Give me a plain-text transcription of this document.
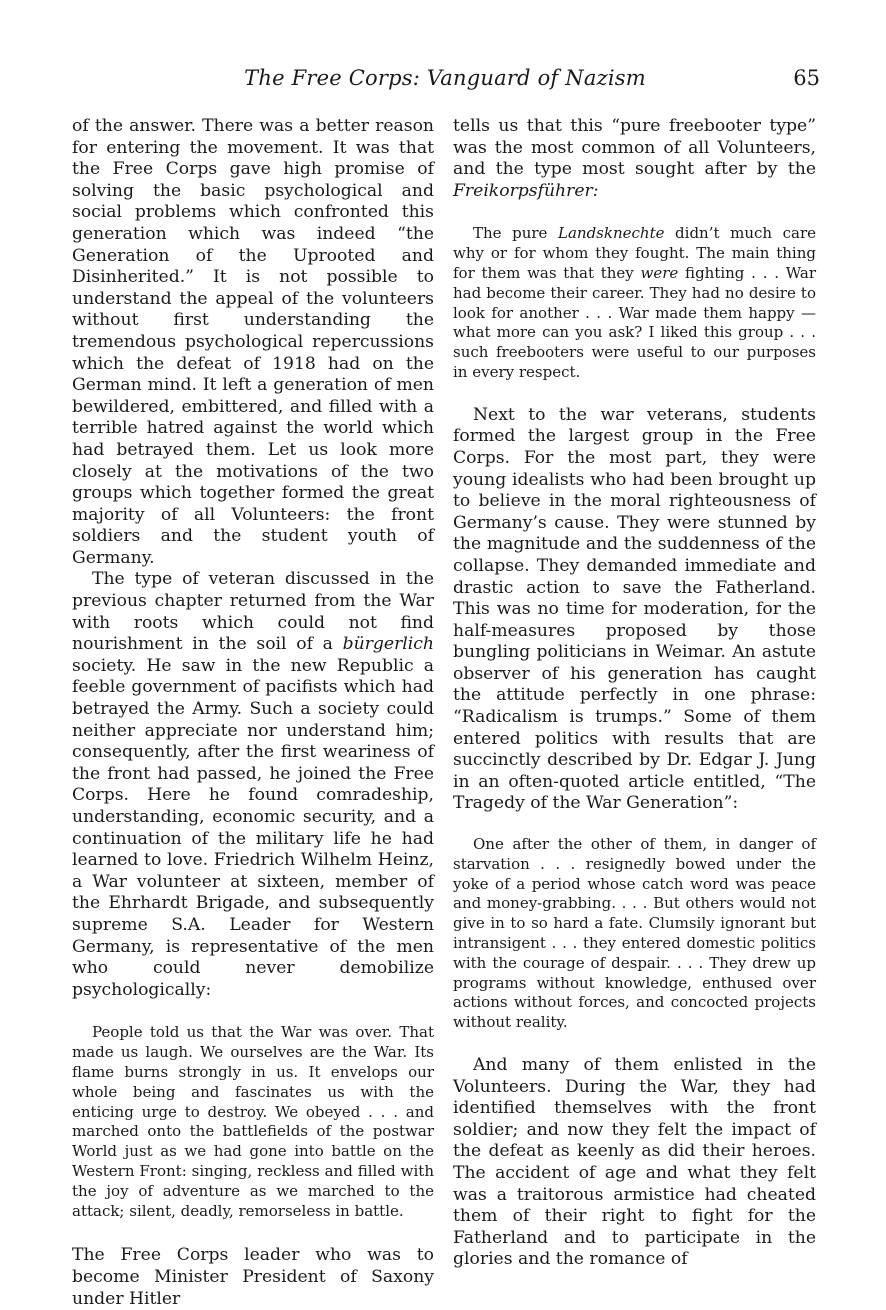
The Free Corps: Vanguard of Nazism	65

of the answer. There was a better reason for entering the movement. It was that the Free Corps gave high promise of solving the basic psychological and social problems which confronted this generation which was indeed “the Generation of the Uprooted and Disinherited.” It is not possible to understand the appeal of the volunteers without first understanding the tremendous psychological repercussions which the defeat of 1918 had on the German mind. It left a generation of men bewildered, embittered, and filled with a terrible hatred against the world which had betrayed them. Let us look more closely at the motivations of the two groups which together formed the great majority of all Volunteers: the front soldiers and the student youth of Germany.

The type of veteran discussed in the previous chapter returned from the War with roots which could not find nourishment in the soil of a bürgerlich society. He saw in the new Republic a feeble government of pacifists which had betrayed the Army. Such a society could neither appreciate nor understand him; consequently, after the first weariness of the front had passed, he joined the Free Corps. Here he found comradeship, understanding, economic security, and a continuation of the military life he had learned to love. Friedrich Wilhelm Heinz, a War volunteer at sixteen, member of the Ehrhardt Brigade, and subsequently supreme S.A. Leader for Western Germany, is representative of the men who could never demobilize psychologically:

People told us that the War was over. That made us laugh. We ourselves are the War. Its flame burns strongly in us. It envelops our whole being and fascinates us with the enticing urge to destroy. We obeyed . . . and marched onto the battlefields of the postwar World just as we had gone into battle on the Western Front: singing, reckless and filled with the joy of adventure as we marched to the attack; silent, deadly, remorseless in battle.

The Free Corps leader who was to become Minister President of Saxony under Hitler

tells us that this “pure freebooter type” was the most common of all Volunteers, and the type most sought after by the Freikorpsführer:

The pure Landsknechte didn’t much care why or for whom they fought. The main thing for them was that they were fighting . . . War had become their career. They had no desire to look for another . . . War made them happy — what more can you ask? I liked this group . . . such freebooters were useful to our purposes in every respect.

Next to the war veterans, students formed the largest group in the Free Corps. For the most part, they were young idealists who had been brought up to believe in the moral righteousness of Germany’s cause. They were stunned by the magnitude and the suddenness of the collapse. They demanded immediate and drastic action to save the Fatherland. This was no time for moderation, for the half-measures proposed by those bungling politicians in Weimar. An astute observer of his generation has caught the attitude perfectly in one phrase: “Radicalism is trumps.” Some of them entered politics with results that are succinctly described by Dr. Edgar J. Jung in an often-quoted article entitled, “The Tragedy of the War Generation”:

One after the other of them, in danger of starvation . . . resignedly bowed under the yoke of a period whose catch word was peace and money-grabbing. . . . But others would not give in to so hard a fate. Clumsily ignorant but intransigent . . . they entered domestic politics with the courage of despair. . . . They drew up programs without knowledge, enthused over actions without forces, and concocted projects without reality.

And many of them enlisted in the Volunteers. During the War, they had identified themselves with the front soldier; and now they felt the impact of the defeat as keenly as did their heroes. The accident of age and what they felt was a traitorous armistice had cheated them of their right to fight for the Fatherland and to participate in the glories and the romance of
